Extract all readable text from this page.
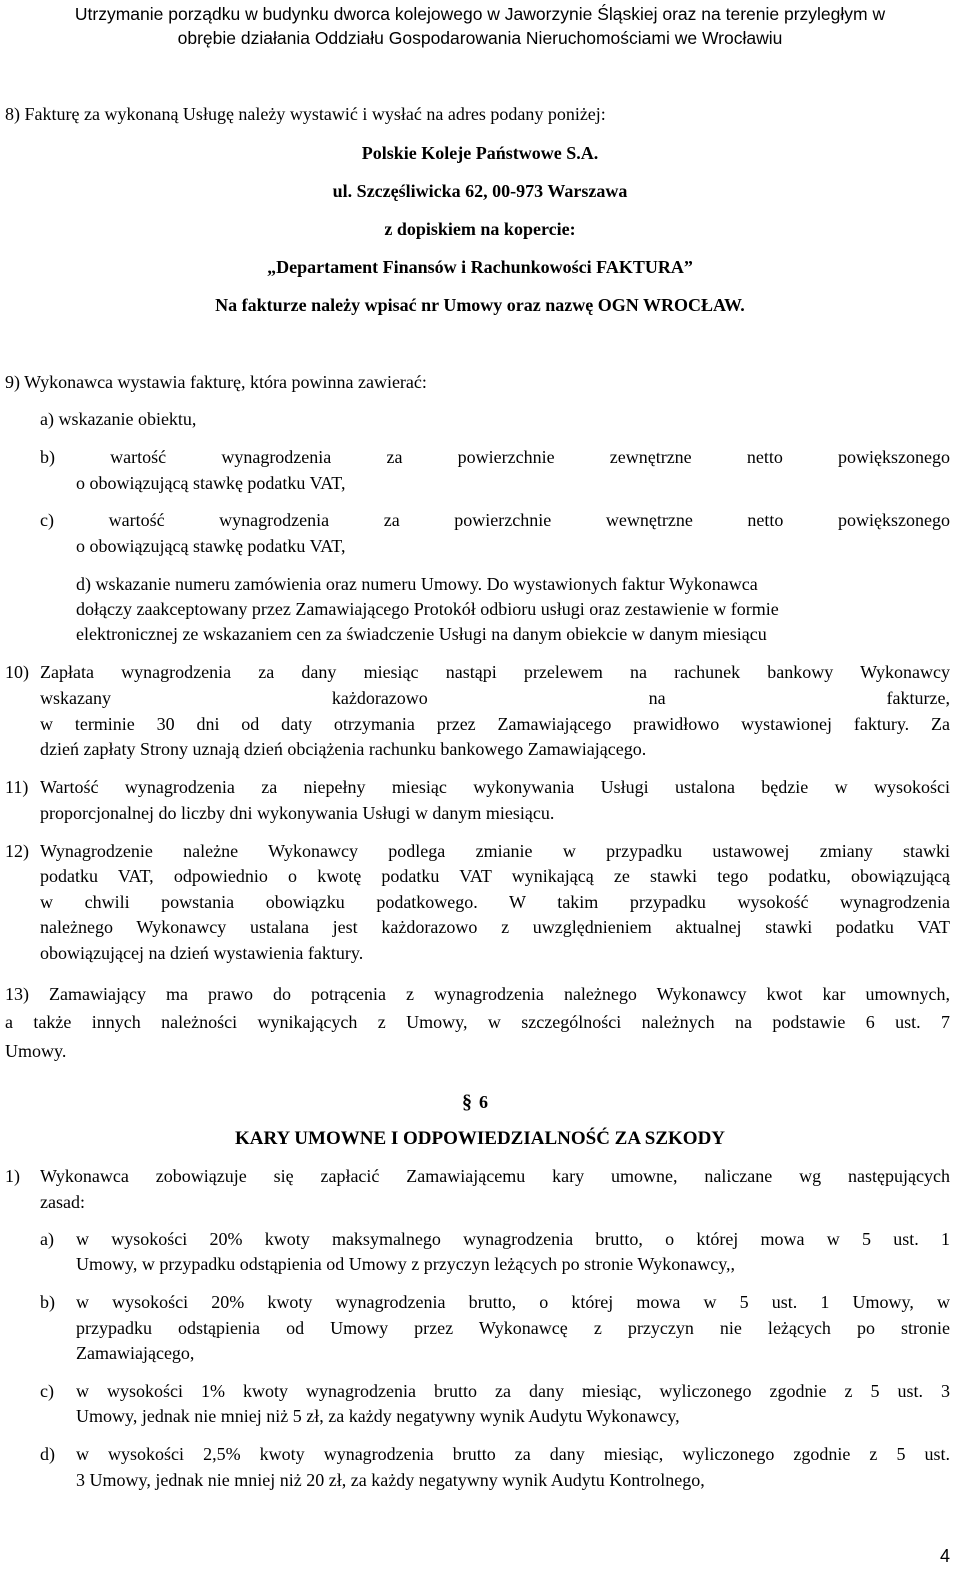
Utrzymanie porządku w budynku dworca kolejowego w Jaworzynie Śląskiej oraz na terenie przyległym w
obrębie działania Oddziału Gospodarowania Nieruchomościami we Wrocławiu
8) Fakturę za wykonaną Usługę należy wystawić i wysłać na adres podany poniżej:
Polskie Koleje Państwowe S.A.
ul. Szczęśliwicka 62, 00-973 Warszawa
z dopiskiem na kopercie:
„Departament Finansów i Rachunkowości FAKTURA”
Na fakturze należy wpisać nr Umowy oraz nazwę OGN WROCŁAW.
9) Wykonawca wystawia fakturę, która powinna zawierać:
a) wskazanie obiektu,
b) wartość wynagrodzenia za powierzchnie zewnętrzne netto powiększonego
o obowiązującą stawkę podatku VAT,
c) wartość wynagrodzenia za powierzchnie wewnętrzne netto powiększonego
o obowiązującą stawkę podatku VAT,
d) wskazanie numeru zamówienia oraz numeru Umowy. Do wystawionych faktur Wykonawca
dołączy zaakceptowany przez Zamawiającego Protokół odbioru usługi oraz zestawienie w formie
elektronicznej ze wskazaniem cen za świadczenie Usługi na danym obiekcie w danym miesiącu
10) Zapłata wynagrodzenia za dany miesiąc nastąpi przelewem na rachunek bankowy Wykonawcy
wskazany każdorazowo na fakturze,
w terminie 30 dni od daty otrzymania przez Zamawiającego prawidłowo wystawionej faktury. Za
dzień zapłaty Strony uznają dzień obciążenia rachunku bankowego Zamawiającego.
11) Wartość wynagrodzenia za niepełny miesiąc wykonywania Usługi ustalona będzie w wysokości
proporcjonalnej do liczby dni wykonywania Usługi w danym miesiącu.
12) Wynagrodzenie należne Wykonawcy podlega zmianie w przypadku ustawowej zmiany stawki
podatku VAT, odpowiednio o kwotę podatku VAT wynikającą ze stawki tego podatku, obowiązującą
w chwili powstania obowiązku podatkowego. W takim przypadku wysokość wynagrodzenia
należnego Wykonawcy ustalana jest każdorazowo z uwzględnieniem aktualnej stawki podatku VAT
obowiązującej na dzień wystawienia faktury.
13) Zamawiający ma prawo do potrącenia z wynagrodzenia należnego Wykonawcy kwot kar umownych,
a także innych należności wynikających z Umowy, w szczególności należnych na podstawie 6 ust. 7
Umowy.
§ 6
KARY UMOWNE I ODPOWIEDZIALNOŚĆ ZA SZKODY
1) Wykonawca zobowiązuje się zapłacić Zamawiającemu kary umowne, naliczane wg następujących
zasad:
a) w wysokości 20% kwoty maksymalnego wynagrodzenia brutto, o której mowa w 5 ust. 1
Umowy, w przypadku odstąpienia od Umowy z przyczyn leżących po stronie Wykonawcy,,
b) w wysokości 20% kwoty wynagrodzenia brutto, o której mowa w 5 ust. 1 Umowy, w
przypadku odstąpienia od Umowy przez Wykonawcę z przyczyn nie leżących po stronie
Zamawiającego,
c) w wysokości 1% kwoty wynagrodzenia brutto za dany miesiąc, wyliczonego zgodnie z 5 ust. 3
Umowy, jednak nie mniej niż 5 zł, za każdy negatywny wynik Audytu Wykonawcy,
d) w wysokości 2,5% kwoty wynagrodzenia brutto za dany miesiąc, wyliczonego zgodnie z 5 ust.
3 Umowy, jednak nie mniej niż 20 zł, za każdy negatywny wynik Audytu Kontrolnego,
4
